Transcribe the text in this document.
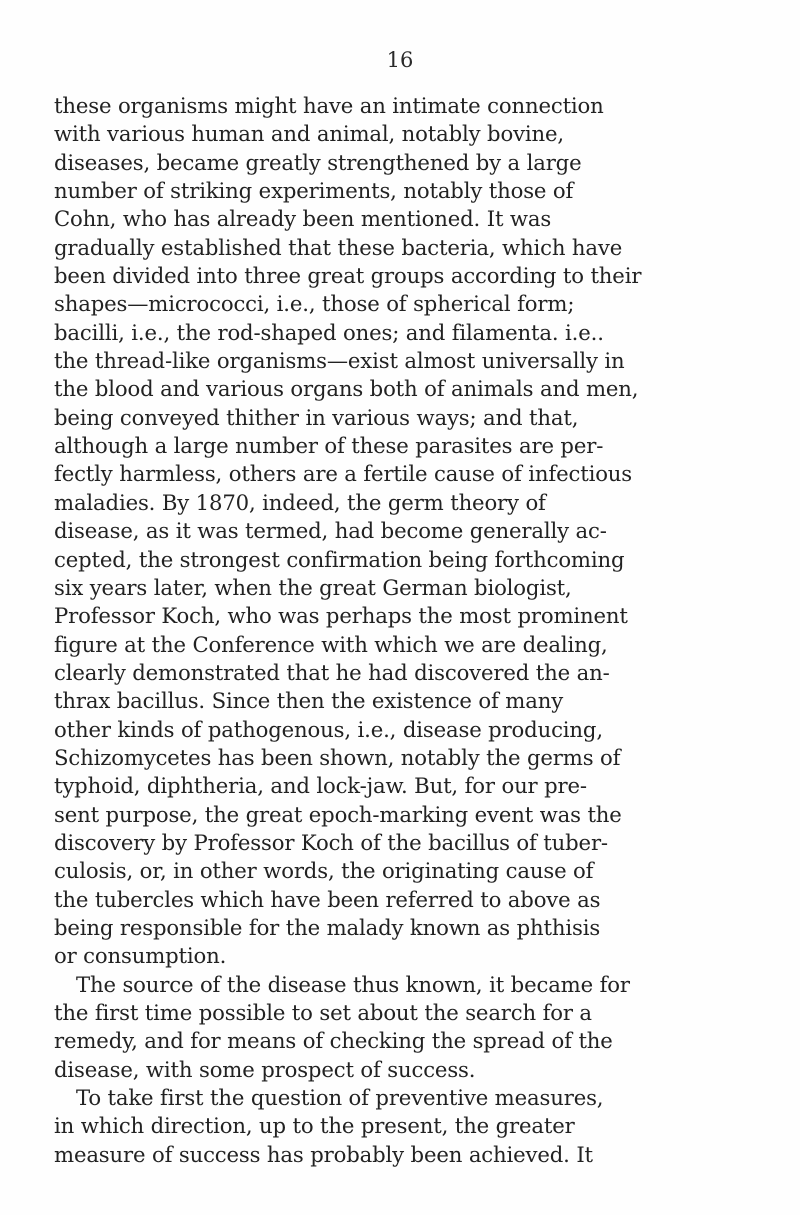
16
these organisms might have an intimate connection
with various human and animal, notably bovine,
diseases, became greatly strengthened by a large
number of striking experiments, notably those of
Cohn, who has already been mentioned. It was
gradually established that these bacteria, which have
been divided into three great groups according to their
shapes—micrococci, i.e., those of spherical form;
bacilli, i.e., the rod-shaped ones; and filamenta. i.e..
the thread-like organisms—exist almost universally in
the blood and various organs both of animals and men,
being conveyed thither in various ways; and that,
although a large number of these parasites are per-
fectly harmless, others are a fertile cause of infectious
maladies. By 1870, indeed, the germ theory of
disease, as it was termed, had become generally ac-
cepted, the strongest confirmation being forthcoming
six years later, when the great German biologist,
Professor Koch, who was perhaps the most prominent
figure at the Conference with which we are dealing,
clearly demonstrated that he had discovered the an-
thrax bacillus. Since then the existence of many
other kinds of pathogenous, i.e., disease producing,
Schizomycetes has been shown, notably the germs of
typhoid, diphtheria, and lock-jaw. But, for our pre-
sent purpose, the great epoch-marking event was the
discovery by Professor Koch of the bacillus of tuber-
culosis, or, in other words, the originating cause of
the tubercles which have been referred to above as
being responsible for the malady known as phthisis
or consumption.
The source of the disease thus known, it became for
the first time possible to set about the search for a
remedy, and for means of checking the spread of the
disease, with some prospect of success.
To take first the question of preventive measures,
in which direction, up to the present, the greater
measure of success has probably been achieved. It
